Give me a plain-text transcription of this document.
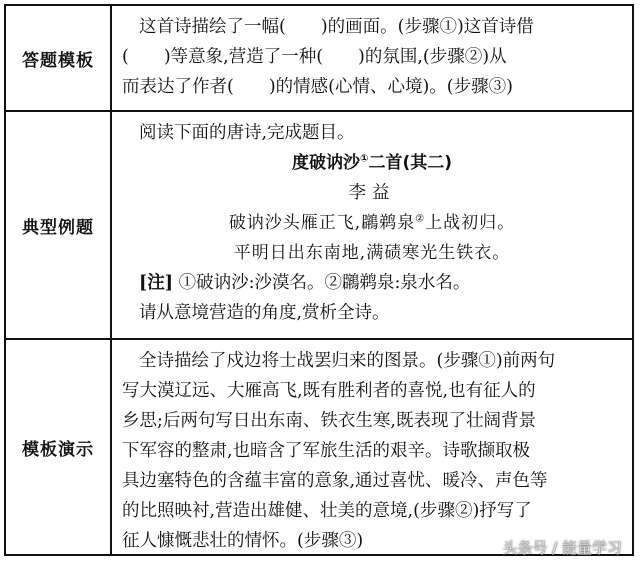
答题模板
这首诗描绘了一幅(　　)的画面。(步骤①)这首诗借
(　　)等意象,营造了一种(　　)的氛围,(步骤②)从
而表达了作者(　　)的情感(心情、心境)。(步骤③)
典型例题
阅读下面的唐诗,完成题目。
度破讷沙①二首(其二)
李益
破讷沙头雁正飞,鸊鹈泉②上战初归。
平明日出东南地,满碛寒光生铁衣。
[注] ①破讷沙:沙漠名。②鸊鹈泉:泉水名。
请从意境营造的角度,赏析全诗。
模板演示
全诗描绘了戍边将士战罢归来的图景。(步骤①)前两句
写大漠辽远、大雁高飞,既有胜利者的喜悦,也有征人的
乡思;后两句写日出东南、铁衣生寒,既表现了壮阔背景
下军容的整肃,也暗含了军旅生活的艰辛。诗歌撷取极
具边塞特色的含蕴丰富的意象,通过喜忧、暖冷、声色等
的比照映衬,营造出雄健、壮美的意境,(步骤②)抒写了
征人慷慨悲壮的情怀。(步骤③)	头条号 / 能量学习
